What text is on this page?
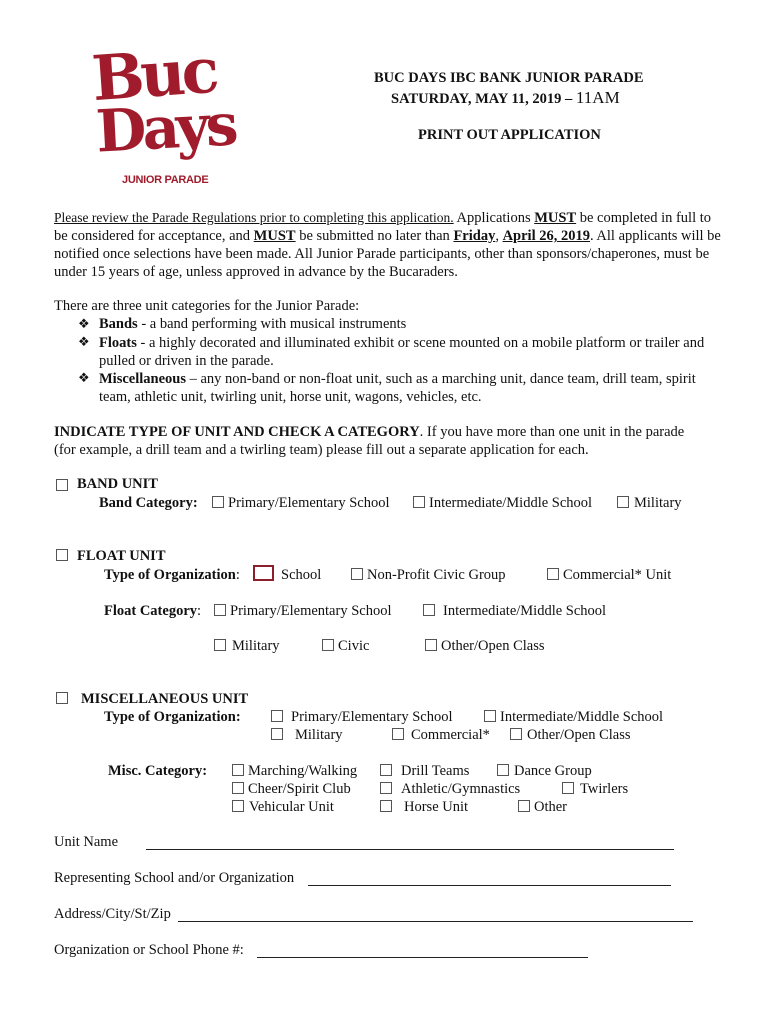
Buc
Days
JUNIOR PARADE
BUC DAYS IBC BANK JUNIOR PARADE
SATURDAY, MAY 11, 2019 – 11AM
PRINT OUT APPLICATION
Please review the Parade Regulations prior to completing this application. Applications MUST be completed in full to be considered for acceptance, and MUST be submitted no later than Friday, April 26, 2019. All applicants will be notified once selections have been made. All Junior Parade participants, other than sponsors/chaperones, must be under 15 years of age, unless approved in advance by the Bucaraders.
There are three unit categories for the Junior Parade:
❖ Bands - a band performing with musical instruments
❖ Floats - a highly decorated and illuminated exhibit or scene mounted on a mobile platform or trailer and pulled or driven in the parade.
❖ Miscellaneous – any non-band or non-float unit, such as a marching unit, dance team, drill team, spirit team, athletic unit, twirling unit, horse unit, wagons, vehicles, etc.
INDICATE TYPE OF UNIT AND CHECK A CATEGORY. If you have more than one unit in the parade (for example, a drill team and a twirling team) please fill out a separate application for each.
BAND UNIT
Band Category: Primary/Elementary School	Intermediate/Middle School	Military
FLOAT UNIT
Type of Organization:	School	Non-Profit Civic Group	Commercial* Unit
Float Category: Primary/Elementary School	Intermediate/Middle School
Military	Civic	Other/Open Class
MISCELLANEOUS UNIT
Type of Organization:	Primary/Elementary School	Intermediate/Middle School
Military	Commercial*	Other/Open Class
Misc. Category:	Marching/Walking	Drill Teams	Dance Group
Cheer/Spirit Club	Athletic/Gymnastics	Twirlers
Vehicular Unit	Horse Unit	Other
Unit Name
Representing School and/or Organization
Address/City/St/Zip
Organization or School Phone #:
